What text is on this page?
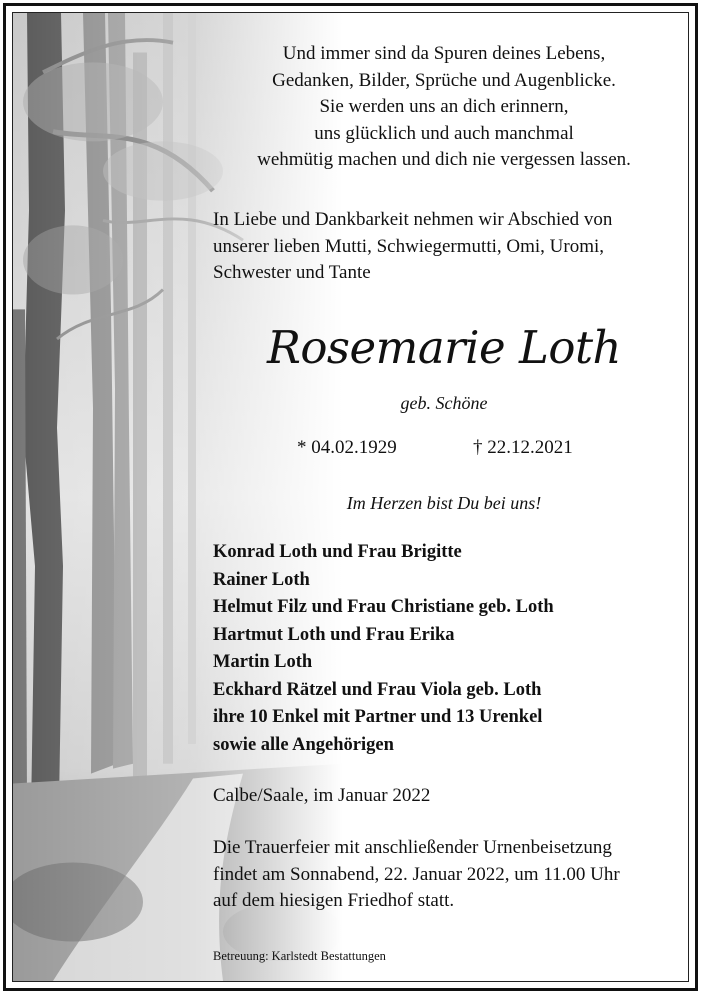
Und immer sind da Spuren deines Lebens,
Gedanken, Bilder, Sprüche und Augenblicke.
Sie werden uns an dich erinnern,
uns glücklich und auch manchmal
wehmütig machen und dich nie vergessen lassen.
In Liebe und Dankbarkeit nehmen wir Abschied von
unserer lieben Mutti, Schwiegermutti, Omi, Uromi,
Schwester und Tante
Rosemarie Loth
geb. Schöne
* 04.02.1929	† 22.12.2021
Im Herzen bist Du bei uns!
Konrad Loth und Frau Brigitte
Rainer Loth
Helmut Filz und Frau Christiane geb. Loth
Hartmut Loth und Frau Erika
Martin Loth
Eckhard Rätzel und Frau Viola geb. Loth
ihre 10 Enkel mit Partner und 13 Urenkel
sowie alle Angehörigen
Calbe/Saale, im Januar 2022
Die Trauerfeier mit anschließender Urnenbeisetzung
findet am Sonnabend, 22. Januar 2022, um 11.00 Uhr
auf dem hiesigen Friedhof statt.
Betreuung: Karlstedt Bestattungen
